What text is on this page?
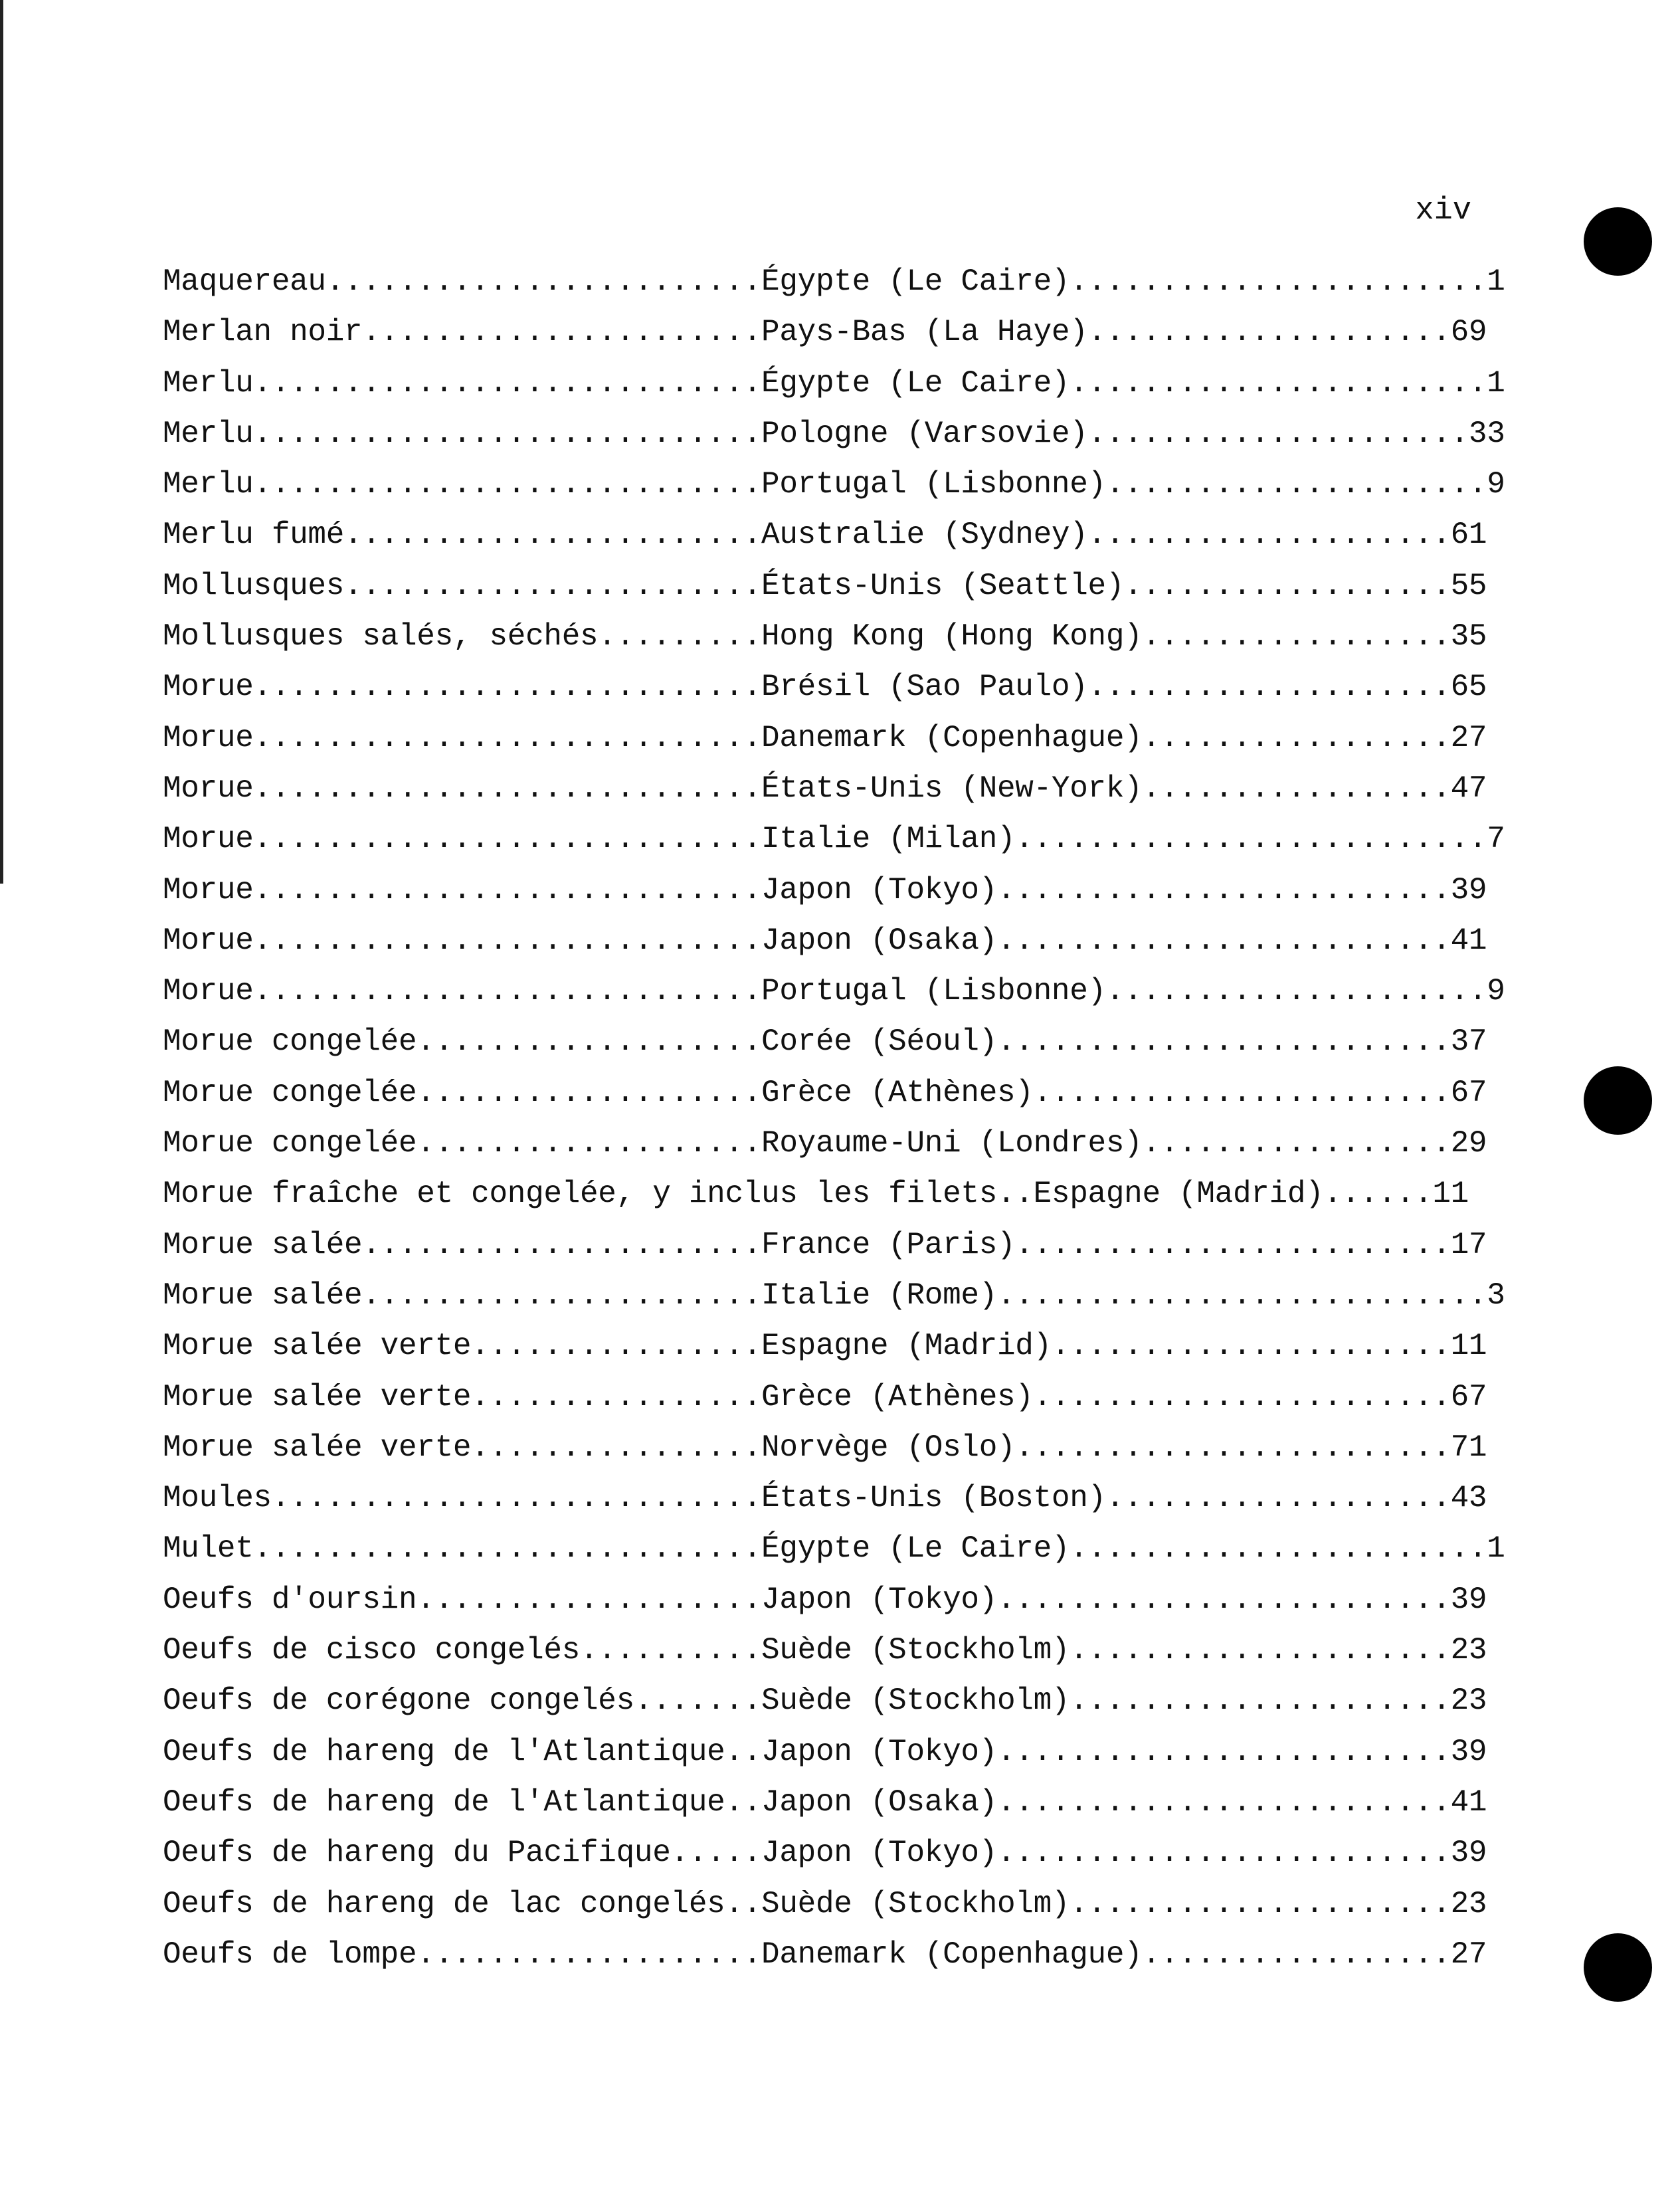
xiv
Maquereau........................Égypte (Le Caire).......................1
Merlan noir......................Pays-Bas (La Haye)....................69
Merlu............................Égypte (Le Caire).......................1
Merlu............................Pologne (Varsovie).....................33
Merlu............................Portugal (Lisbonne).....................9
Merlu fumé.......................Australie (Sydney)....................61
Mollusques.......................États-Unis (Seattle)..................55
Mollusques salés, séchés.........Hong Kong (Hong Kong).................35
Morue............................Brésil (Sao Paulo)....................65
Morue............................Danemark (Copenhague).................27
Morue............................États-Unis (New-York).................47
Morue............................Italie (Milan)..........................7
Morue............................Japon (Tokyo).........................39
Morue............................Japon (Osaka).........................41
Morue............................Portugal (Lisbonne).....................9
Morue congelée...................Corée (Séoul).........................37
Morue congelée...................Grèce (Athènes).......................67
Morue congelée...................Royaume-Uni (Londres).................29
Morue fraîche et congelée, y inclus les filets..Espagne (Madrid)......11
Morue salée......................France (Paris)........................17
Morue salée......................Italie (Rome)...........................3
Morue salée verte................Espagne (Madrid)......................11
Morue salée verte................Grèce (Athènes).......................67
Morue salée verte................Norvège (Oslo)........................71
Moules...........................États-Unis (Boston)...................43
Mulet............................Égypte (Le Caire).......................1
Oeufs d'oursin...................Japon (Tokyo).........................39
Oeufs de cisco congelés..........Suède (Stockholm).....................23
Oeufs de corégone congelés.......Suède (Stockholm).....................23
Oeufs de hareng de l'Atlantique..Japon (Tokyo).........................39
Oeufs de hareng de l'Atlantique..Japon (Osaka).........................41
Oeufs de hareng du Pacifique.....Japon (Tokyo).........................39
Oeufs de hareng de lac congelés..Suède (Stockholm).....................23
Oeufs de lompe...................Danemark (Copenhague).................27
